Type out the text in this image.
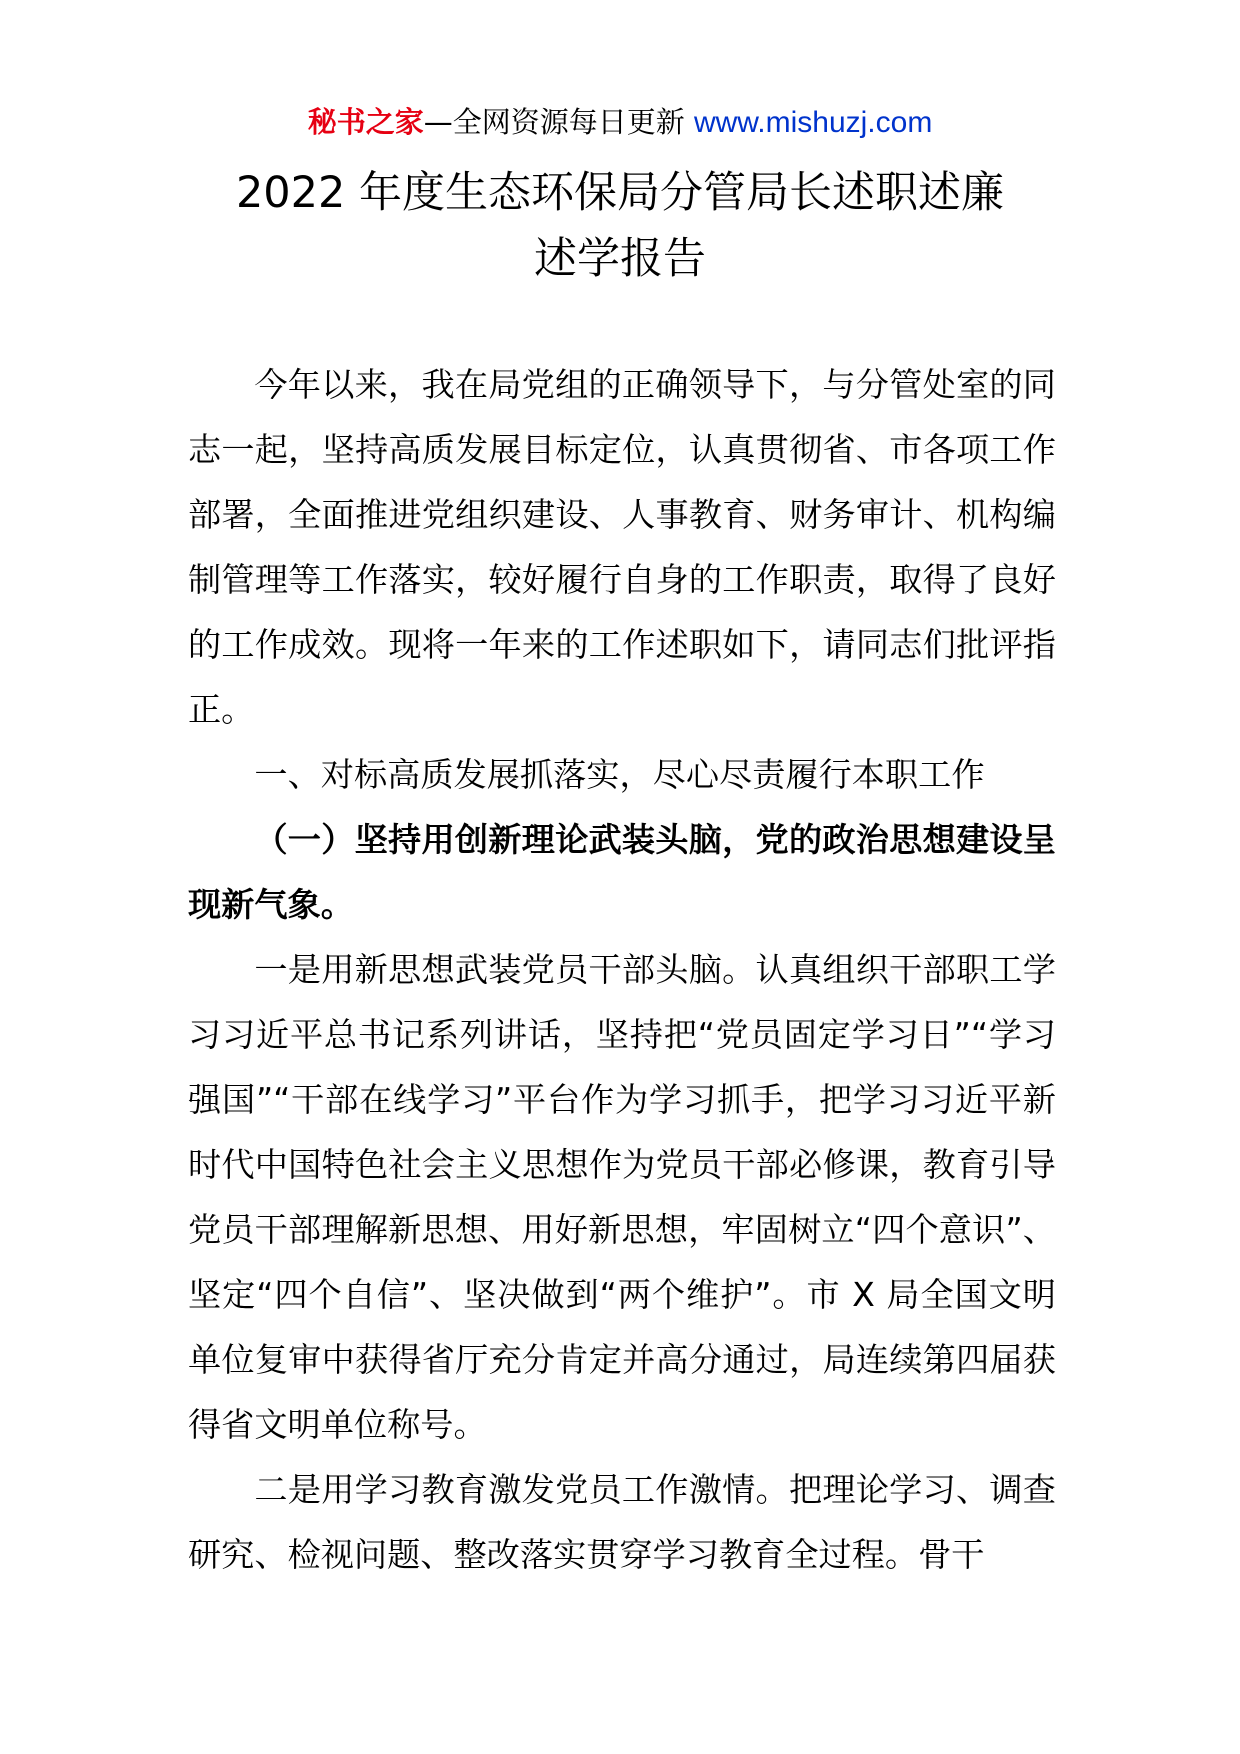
秘书之家—全网资源每日更新 www.mishuzj.com
2022 年度生态环保局分管局长述职述廉
述学报告

今年以来，我在局党组的正确领导下，与分管处室的同志一起，坚持高质发展目标定位，认真贯彻省、市各项工作部署，全面推进党组织建设、人事教育、财务审计、机构编制管理等工作落实，较好履行自身的工作职责，取得了良好的工作成效。现将一年来的工作述职如下，请同志们批评指正。

一、对标高质发展抓落实，尽心尽责履行本职工作

（一）坚持用创新理论武装头脑，党的政治思想建设呈现新气象。

一是用新思想武装党员干部头脑。认真组织干部职工学习习近平总书记系列讲话，坚持把“党员固定学习日”“学习强国”“干部在线学习”平台作为学习抓手，把学习习近平新时代中国特色社会主义思想作为党员干部必修课，教育引导党员干部理解新思想、用好新思想，牢固树立“四个意识”、坚定“四个自信”、坚决做到“两个维护”。市 X 局全国文明单位复审中获得省厅充分肯定并高分通过，局连续第四届获得省文明单位称号。

二是用学习教育激发党员工作激情。把理论学习、调查研究、检视问题、整改落实贯穿学习教育全过程。骨干
